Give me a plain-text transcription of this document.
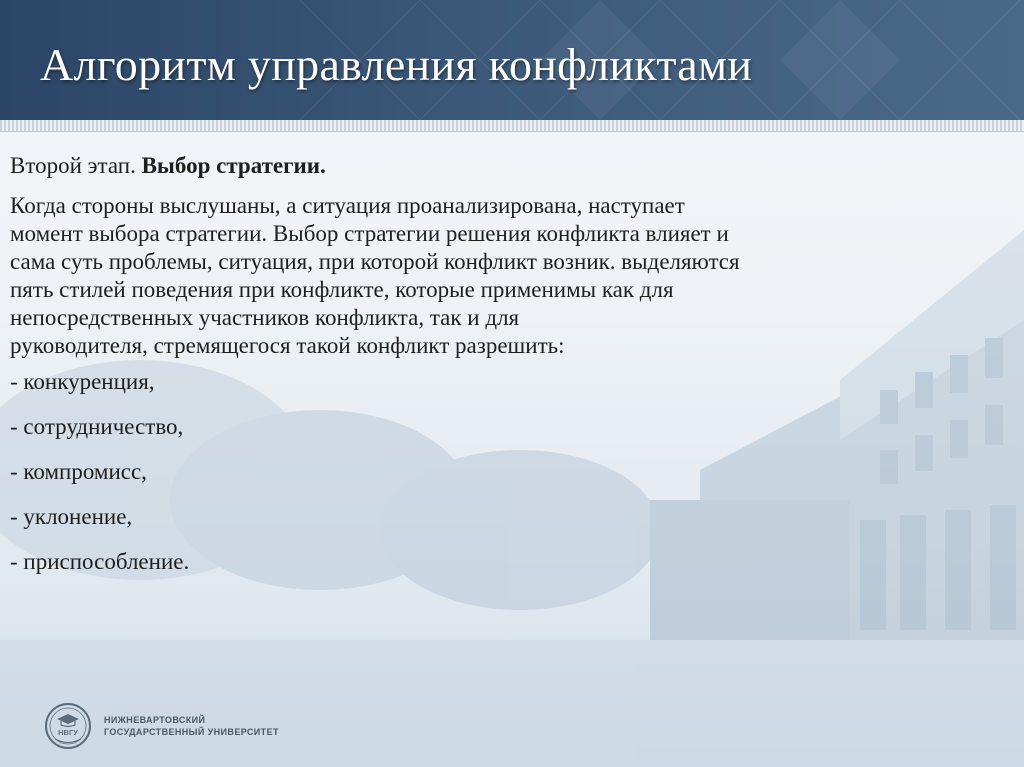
Алгоритм управления конфликтами

Второй этап. Выбор стратегии.

Когда стороны выслушаны, а ситуация проанализирована, наступает
момент выбора стратегии. Выбор стратегии решения конфликта влияет и
сама суть проблемы, ситуация, при которой конфликт возник. выделяются
пять стилей поведения при конфликте, которые применимы как для
непосредственных участников конфликта, так и для
руководителя, стремящегося такой конфликт разрешить:

- конкуренция,

- сотрудничество,

- компромисс,

- уклонение,

- приспособление.

НВГУ
НИЖНЕВАРТОВСКИЙ
ГОСУДАРСТВЕННЫЙ УНИВЕРСИТЕТ
